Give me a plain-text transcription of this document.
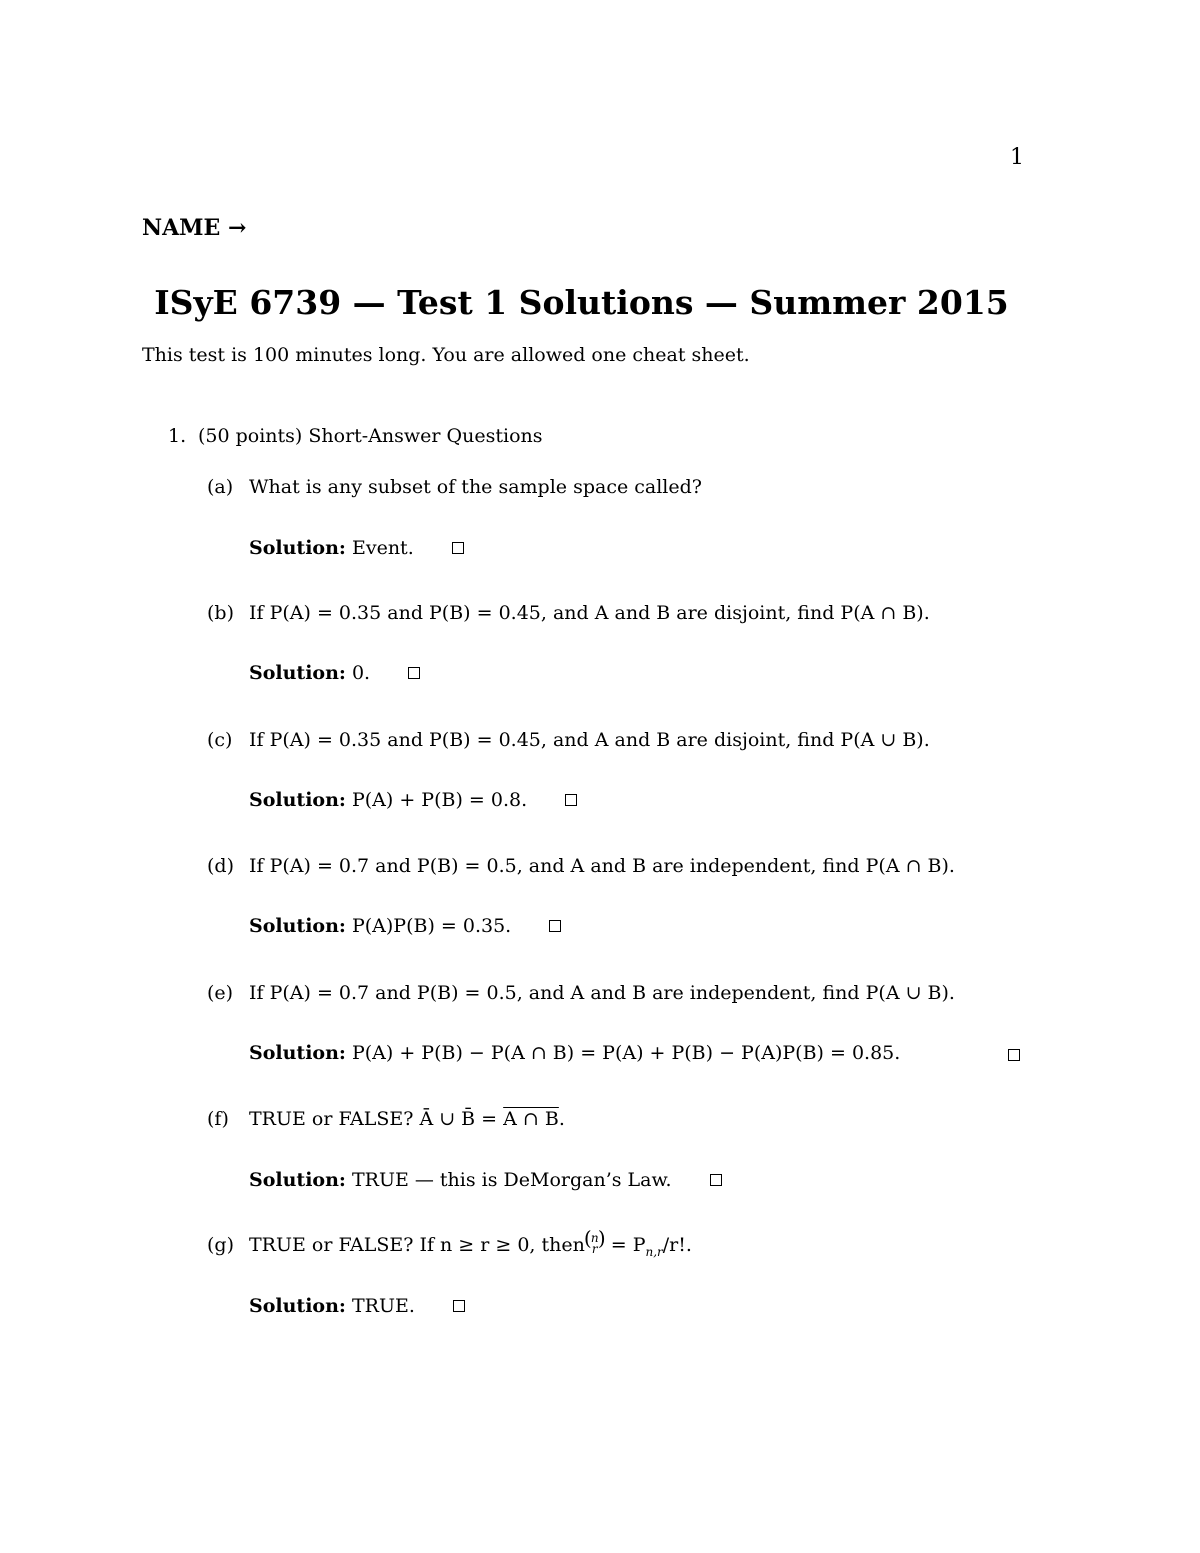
1
NAME →
ISyE 6739 — Test 1 Solutions — Summer 2015
This test is 100 minutes long. You are allowed one cheat sheet.
1. (50 points) Short-Answer Questions
(a) What is any subset of the sample space called?
Solution: Event.
(b) If P(A) = 0.35 and P(B) = 0.45, and A and B are disjoint, find P(A ∩ B).
Solution: 0.
(c) If P(A) = 0.35 and P(B) = 0.45, and A and B are disjoint, find P(A ∪ B).
Solution: P(A) + P(B) = 0.8.
(d) If P(A) = 0.7 and P(B) = 0.5, and A and B are independent, find P(A ∩ B).
Solution: P(A)P(B) = 0.35.
(e) If P(A) = 0.7 and P(B) = 0.5, and A and B are independent, find P(A ∪ B).
Solution: P(A) + P(B) − P(A ∩ B) = P(A) + P(B) − P(A)P(B) = 0.85.
(f) TRUE or FALSE? Ā ∪ B̄ = A ∩ B.
Solution: TRUE — this is DeMorgan’s Law.
(g) TRUE or FALSE? If n ≥ r ≥ 0, then ( n
r ) = $P_{n,r}/r$!.
Solution: TRUE.
